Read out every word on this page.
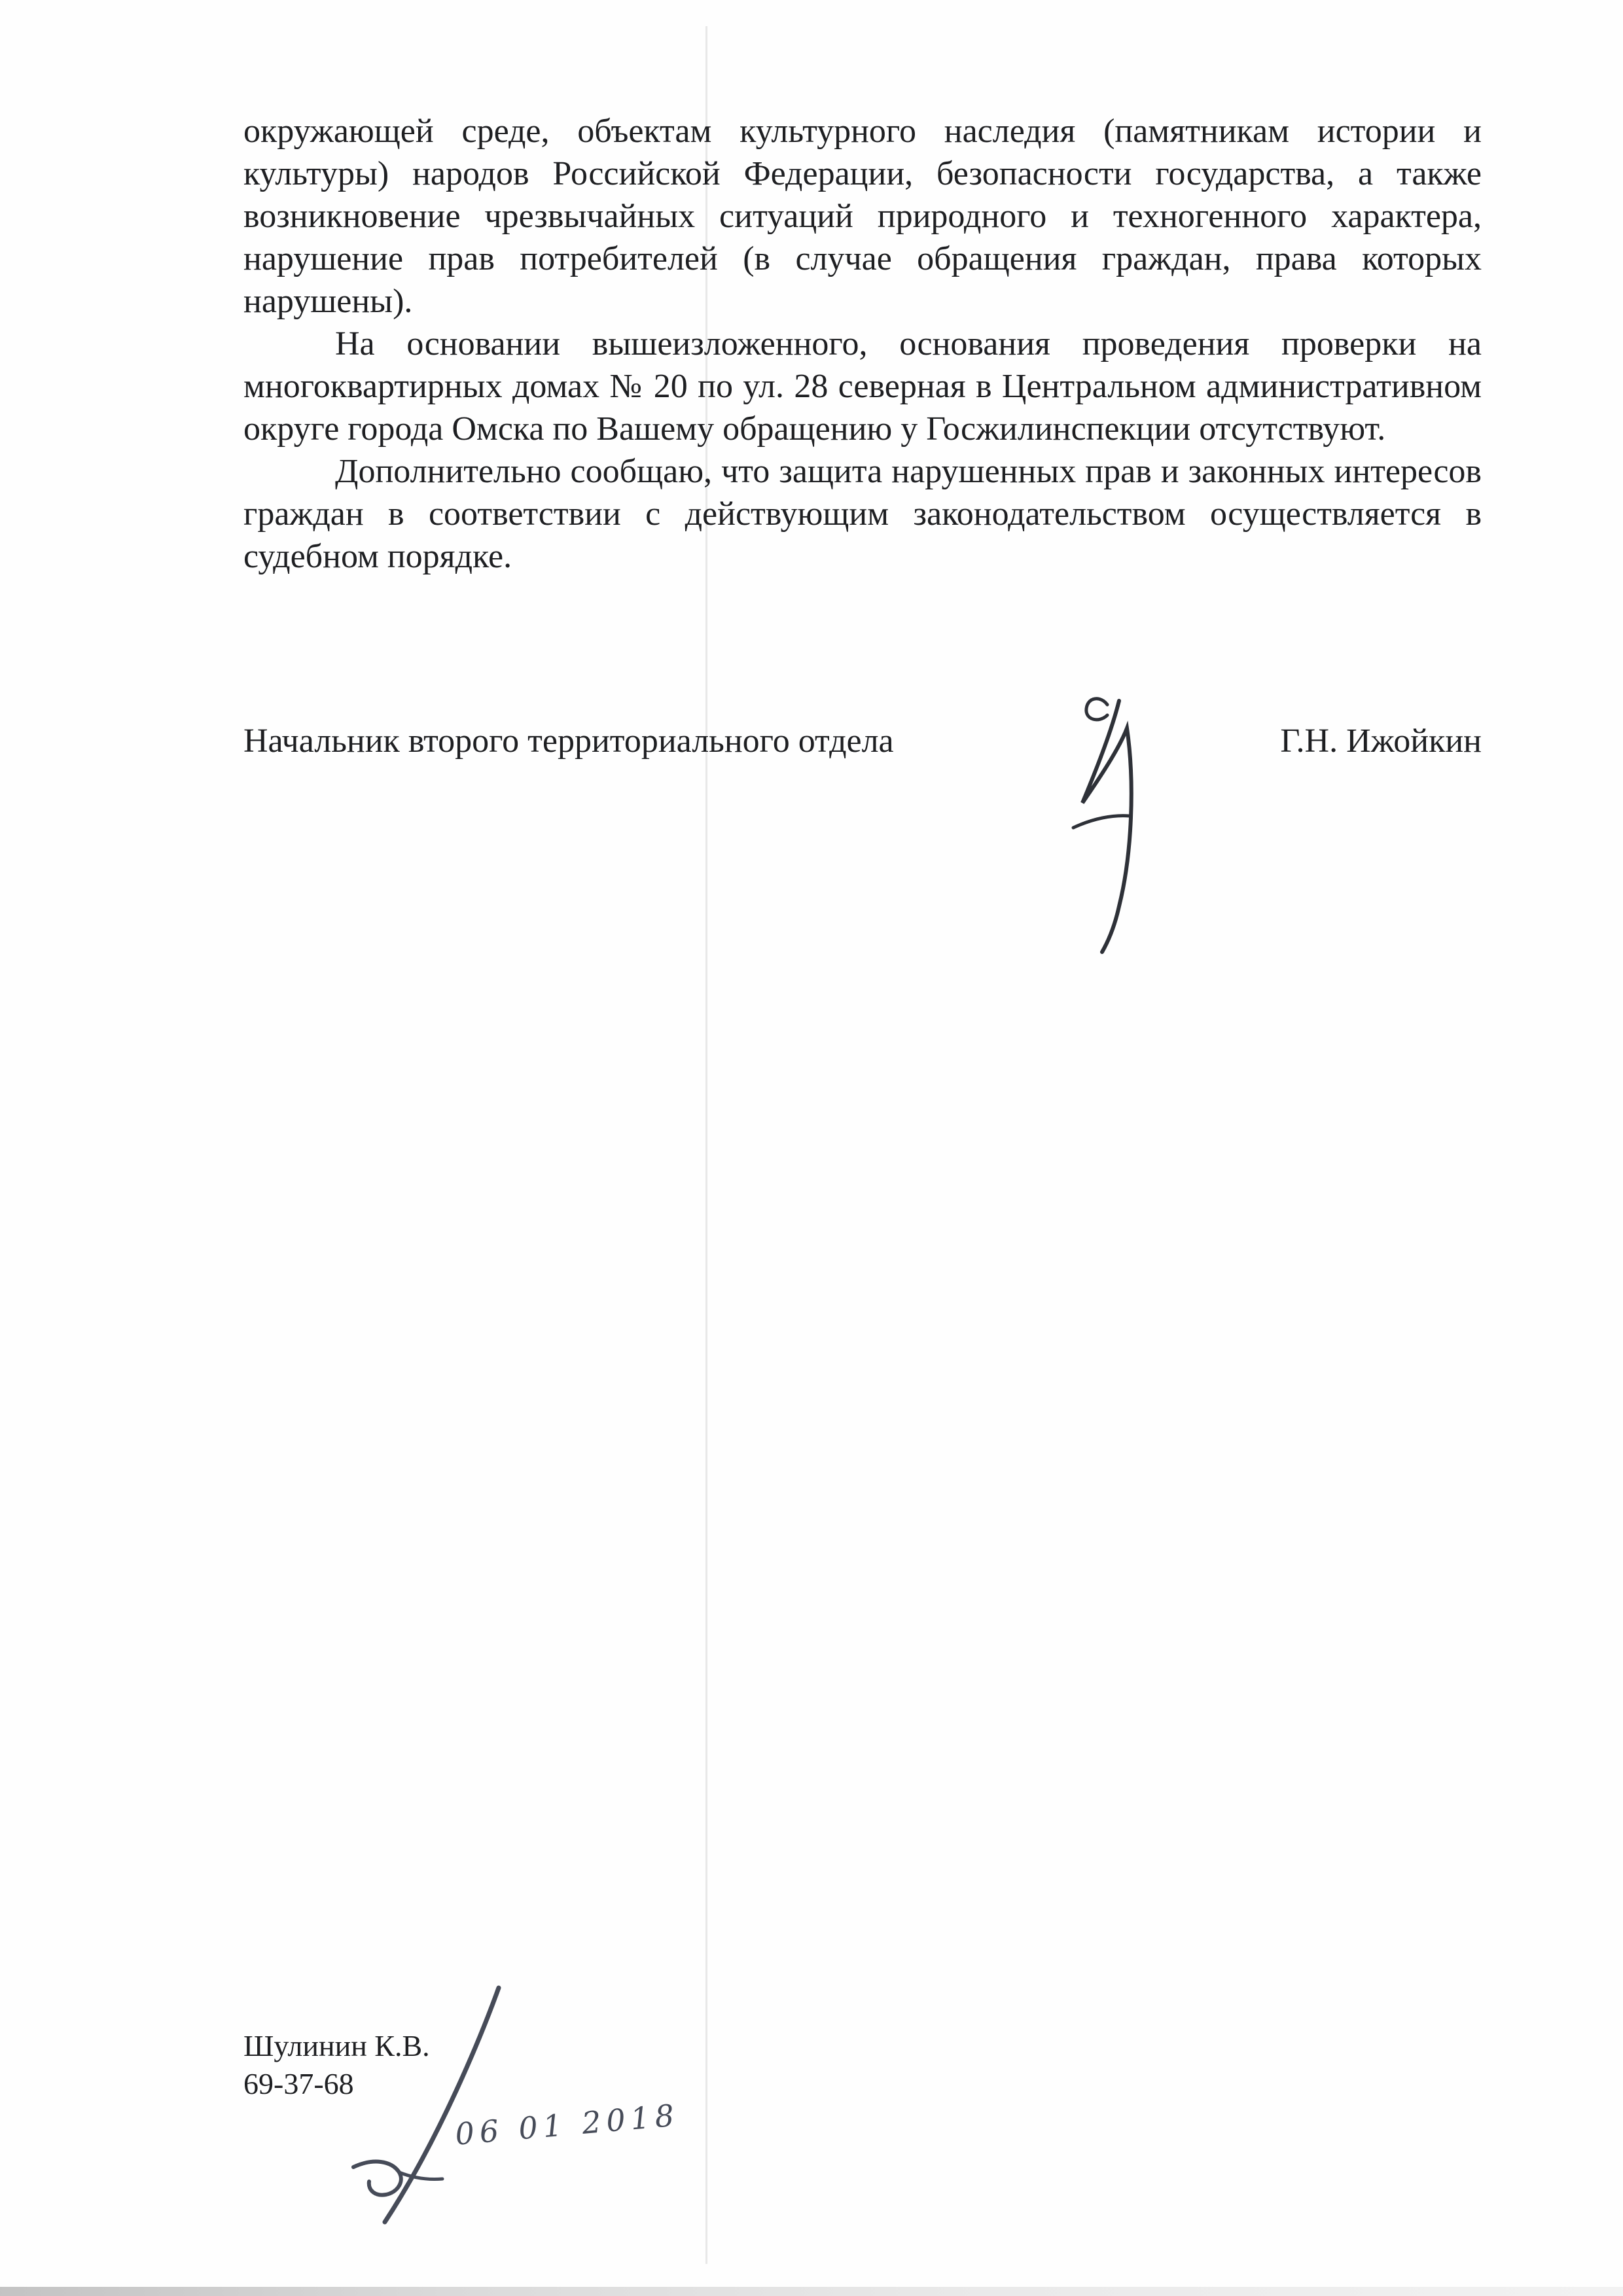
окружающей среде, объектам культурного наследия (памятникам истории и культуры) народов Российской Федерации, безопасности государства, а также возникновение чрезвычайных ситуаций природного и техногенного характера, нарушение прав потребителей (в случае обращения граждан, права которых нарушены).

На основании вышеизложенного, основания проведения проверки на многоквартирных домах № 20 по ул. 28 северная в Центральном административном округе города Омска по Вашему обращению у Госжилинспекции отсутствуют.

Дополнительно сообщаю, что защита нарушенных прав и законных интересов граждан в соответствии с действующим законодательством осуществляется в судебном порядке.

Начальник второго территориального отдела	Г.Н. Ижойкин
Шулинин К.В.
69-37-68
06 01 2018
